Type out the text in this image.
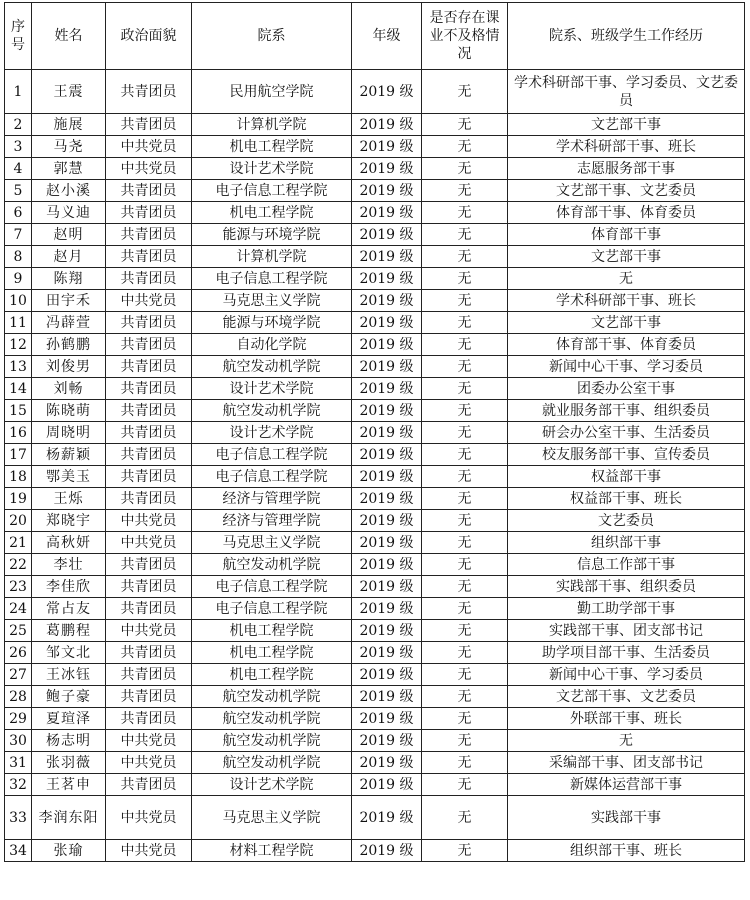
序号	姓名	政治面貌	院系	年级	是否存在课业不及格情况	院系、班级学生工作经历
1	王震	共青团员	民用航空学院	2019 级	无	学术科研部干事、学习委员、文艺委员
2	施展	共青团员	计算机学院	2019 级	无	文艺部干事
3	马尧	中共党员	机电工程学院	2019 级	无	学术科研部干事、班长
4	郭慧	中共党员	设计艺术学院	2019 级	无	志愿服务部干事
5	赵小溪	共青团员	电子信息工程学院	2019 级	无	文艺部干事、文艺委员
6	马义迪	共青团员	机电工程学院	2019 级	无	体育部干事、体育委员
7	赵明	共青团员	能源与环境学院	2019 级	无	体育部干事
8	赵月	共青团员	计算机学院	2019 级	无	文艺部干事
9	陈翔	共青团员	电子信息工程学院	2019 级	无	无
10	田宇禾	中共党员	马克思主义学院	2019 级	无	学术科研部干事、班长
11	冯薜萱	共青团员	能源与环境学院	2019 级	无	文艺部干事
12	孙鹤鹏	共青团员	自动化学院	2019 级	无	体育部干事、体育委员
13	刘俊男	共青团员	航空发动机学院	2019 级	无	新闻中心干事、学习委员
14	刘畅	共青团员	设计艺术学院	2019 级	无	团委办公室干事
15	陈晓萌	共青团员	航空发动机学院	2019 级	无	就业服务部干事、组织委员
16	周晓明	共青团员	设计艺术学院	2019 级	无	研会办公室干事、生活委员
17	杨薪颖	共青团员	电子信息工程学院	2019 级	无	校友服务部干事、宣传委员
18	鄂美玉	共青团员	电子信息工程学院	2019 级	无	权益部干事
19	王烁	共青团员	经济与管理学院	2019 级	无	权益部干事、班长
20	郑晓宇	中共党员	经济与管理学院	2019 级	无	文艺委员
21	高秋妍	中共党员	马克思主义学院	2019 级	无	组织部干事
22	李壮	共青团员	航空发动机学院	2019 级	无	信息工作部干事
23	李佳欣	共青团员	电子信息工程学院	2019 级	无	实践部干事、组织委员
24	常占友	共青团员	电子信息工程学院	2019 级	无	勤工助学部干事
25	葛鹏程	中共党员	机电工程学院	2019 级	无	实践部干事、团支部书记
26	邹文北	共青团员	机电工程学院	2019 级	无	助学项目部干事、生活委员
27	王冰钰	共青团员	机电工程学院	2019 级	无	新闻中心干事、学习委员
28	鲍子豪	共青团员	航空发动机学院	2019 级	无	文艺部干事、文艺委员
29	夏瑄泽	共青团员	航空发动机学院	2019 级	无	外联部干事、班长
30	杨志明	中共党员	航空发动机学院	2019 级	无	无
31	张羽薇	中共党员	航空发动机学院	2019 级	无	采编部干事、团支部书记
32	王茗申	共青团员	设计艺术学院	2019 级	无	新媒体运营部干事
33	李润东阳	中共党员	马克思主义学院	2019 级	无	实践部干事
34	张瑜	中共党员	材料工程学院	2019 级	无	组织部干事、班长
